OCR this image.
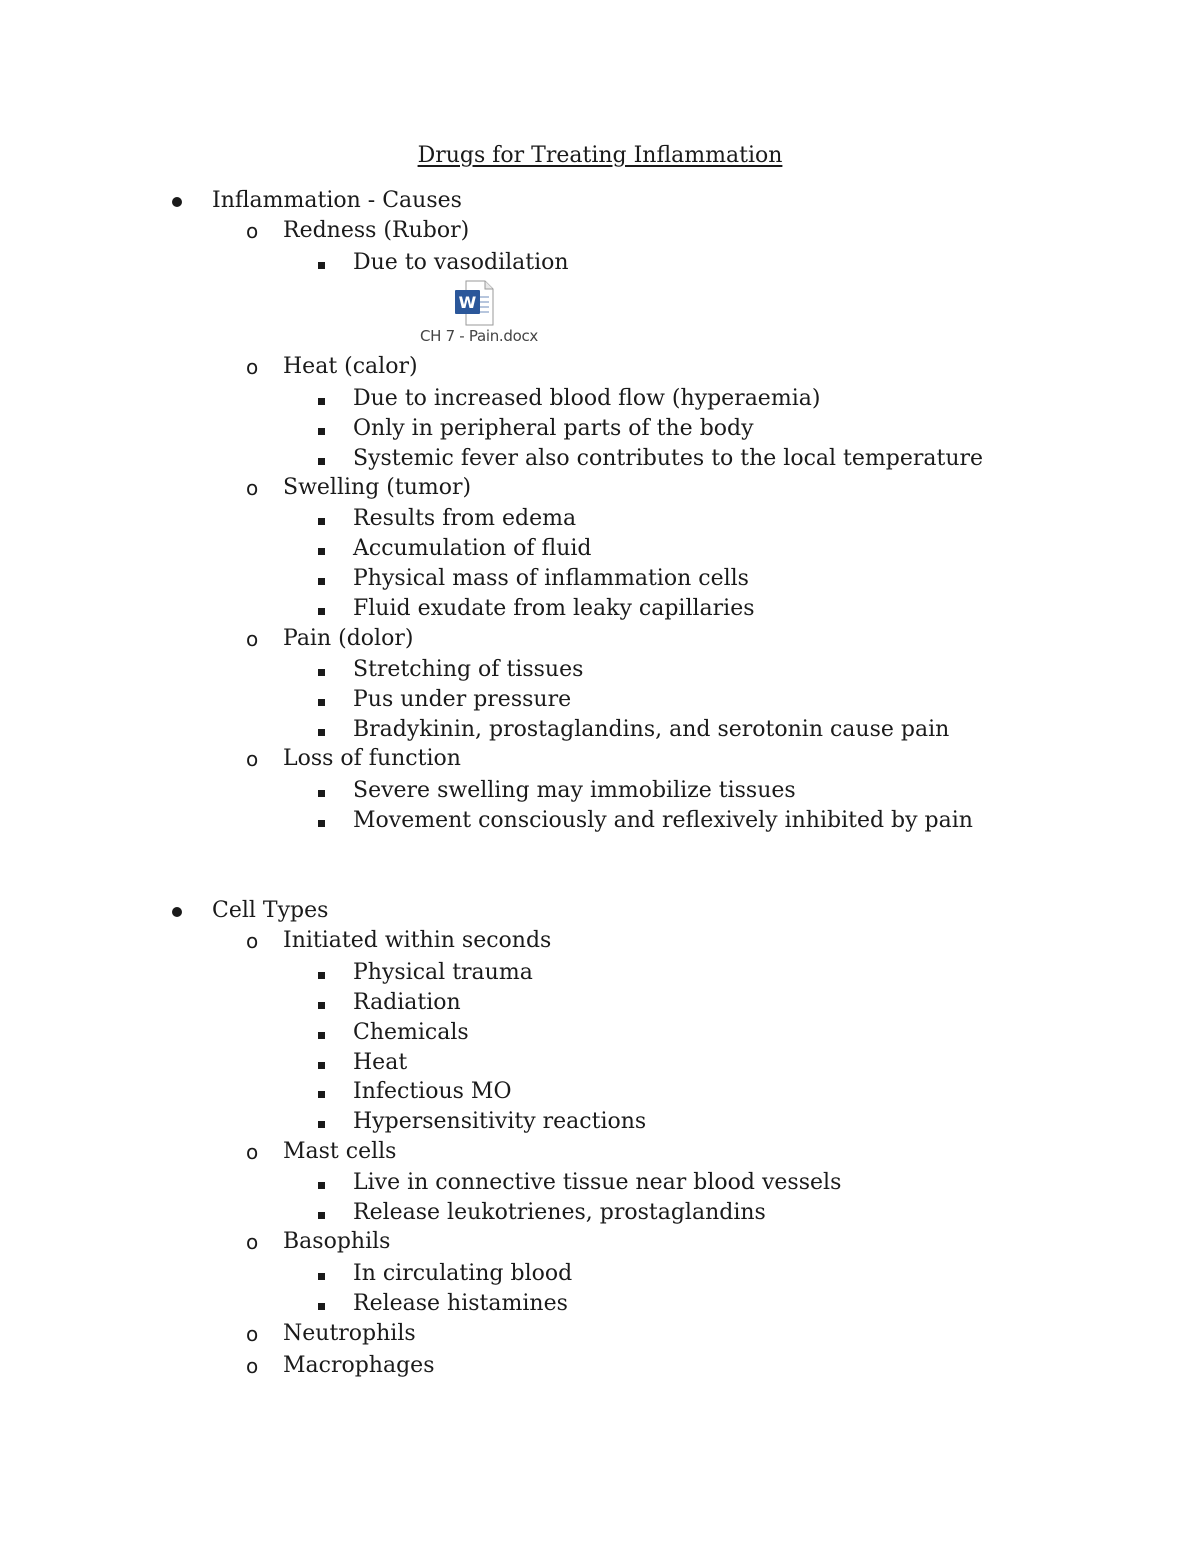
Drugs for Treating Inflammation
Inflammation - Causes
o Redness (Rubor)
Due to vasodilation
W
CH 7 - Pain.docx
o Heat (calor)
Due to increased blood flow (hyperaemia)
Only in peripheral parts of the body
Systemic fever also contributes to the local temperature
o Swelling (tumor)
Results from edema
Accumulation of fluid
Physical mass of inflammation cells
Fluid exudate from leaky capillaries
o Pain (dolor)
Stretching of tissues
Pus under pressure
Bradykinin, prostaglandins, and serotonin cause pain
o Loss of function
Severe swelling may immobilize tissues
Movement consciously and reflexively inhibited by pain
Cell Types
o Initiated within seconds
Physical trauma
Radiation
Chemicals
Heat
Infectious MO
Hypersensitivity reactions
o Mast cells
Live in connective tissue near blood vessels
Release leukotrienes, prostaglandins
o Basophils
In circulating blood
Release histamines
o Neutrophils
o Macrophages
